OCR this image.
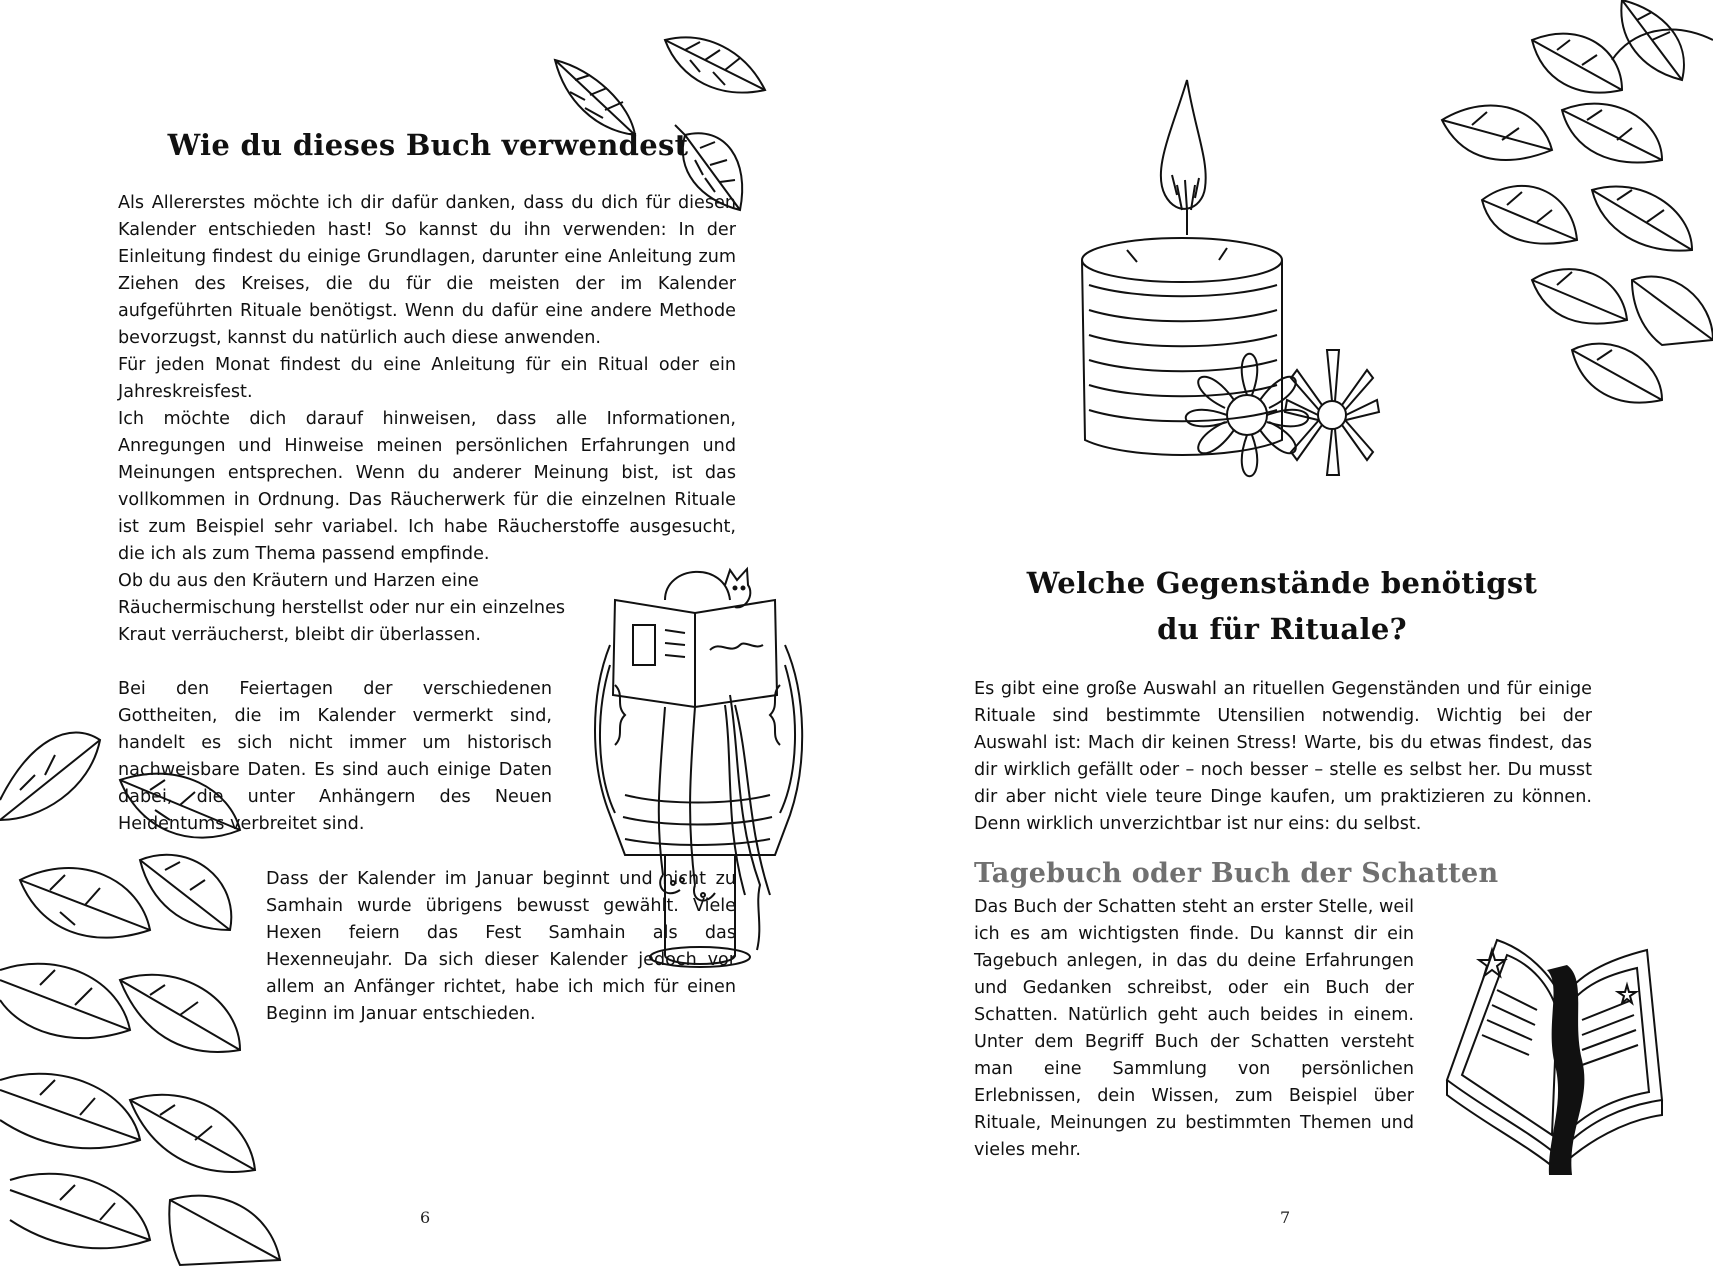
Wie du dieses Buch verwendest

Als Allererstes möchte ich dir dafür danken, dass du dich für diesen Kalender entschieden hast! So kannst du ihn verwenden: In der Einleitung findest du einige Grundlagen, darunter eine Anleitung zum Ziehen des Kreises, die du für die meisten der im Kalender aufgeführten Rituale benötigst. Wenn du dafür eine andere Methode bevorzugst, kannst du natürlich auch diese anwenden.

Für jeden Monat findest du eine Anleitung für ein Ritual oder ein Jahreskreisfest.

Ich möchte dich darauf hinweisen, dass alle Informationen, Anregungen und Hinweise meinen persönlichen Erfahrungen und Meinungen entsprechen. Wenn du anderer Meinung bist, ist das vollkommen in Ordnung. Das Räucherwerk für die einzelnen Rituale ist zum Beispiel sehr variabel. Ich habe Räucherstoffe ausgesucht, die ich als zum Thema passend empfinde.

Ob du aus den Kräutern und Harzen eine Räuchermischung herstellst oder nur ein einzelnes Kraut verräucherst, bleibt dir überlassen.

Bei den Feiertagen der verschiedenen Gottheiten, die im Kalender vermerkt sind, handelt es sich nicht immer um historisch nachweisbare Daten. Es sind auch einige Daten dabei, die unter Anhängern des Neuen Heidentums verbreitet sind.

Dass der Kalender im Januar beginnt und nicht zu Samhain wurde übrigens bewusst gewählt. Viele Hexen feiern das Fest Samhain als das Hexenneujahr. Da sich dieser Kalender jedoch vor allem an Anfänger richtet, habe ich mich für einen Beginn im Januar entschieden.

6

Welche Gegenstände benötigst
du für Rituale?

Es gibt eine große Auswahl an rituellen Gegenständen und für einige Rituale sind bestimmte Utensilien notwendig. Wichtig bei der Auswahl ist: Mach dir keinen Stress! Warte, bis du etwas findest, das dir wirklich gefällt oder – noch besser – stelle es selbst her. Du musst dir aber nicht viele teure Dinge kaufen, um praktizieren zu können. Denn wirklich unverzichtbar ist nur eins: du selbst.

Tagebuch oder Buch der Schatten

Das Buch der Schatten steht an erster Stelle, weil ich es am wichtigsten finde. Du kannst dir ein Tagebuch anlegen, in das du deine Erfahrungen und Gedanken schreibst, oder ein Buch der Schatten. Natürlich geht auch beides in einem. Unter dem Begriff Buch der Schatten versteht man eine Sammlung von persönlichen Erlebnissen, dein Wissen, zum Beispiel über Rituale, Meinungen zu bestimmten Themen und vieles mehr.

7
